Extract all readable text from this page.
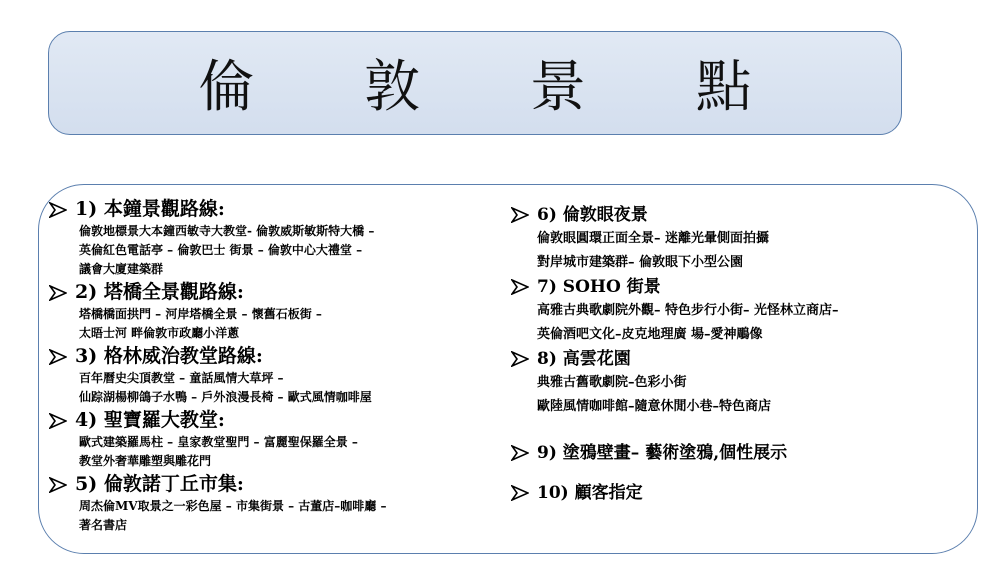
倫 敦 景 點
1) 本鐘景觀路線:
倫敦地標景大本鐘西敏寺大教堂- 倫敦威斯敏斯特大橋 –
英倫紅色電話亭 – 倫敦巴士 街景 – 倫敦中心大禮堂 –
議會大廈建築群
2) 塔橋全景觀路線:
塔橋橋面拱門 – 河岸塔橋全景 – 懷舊石板街 –
太晤士河 畔倫敦市政廳小洋蔥
3) 格林威治教堂路線:
百年曆史尖頂教堂 – 童話風情大草坪 –
仙踪湖楊柳鴿子水鴨 – 戶外浪漫長椅 – 歐式風情咖啡屋
4) 聖寶羅大教堂:
歐式建築羅馬柱 – 皇家教堂聖門 – 富麗聖保羅全景 –
教堂外奢華雕塑與雕花門
5) 倫敦諾丁丘市集:
周杰倫MV取景之一彩色屋 – 市集街景 – 古董店–咖啡廳 –
著名書店
6) 倫敦眼夜景
倫敦眼圓環正面全景– 迷離光暈側面拍攝
對岸城市建築群– 倫敦眼下小型公園
7) SOHO 街景
高雅古典歌劇院外觀– 特色步行小街– 光怪林立商店–
英倫酒吧文化–皮克地理廣 場–愛神鵰像
8) 高雲花園
典雅古舊歌劇院–色彩小街
歐陸風情咖啡館–隨意休閒小巷–特色商店
9) 塗鴉壁畫 – 藝術塗鴉,個性展示
10) 顧客指定
